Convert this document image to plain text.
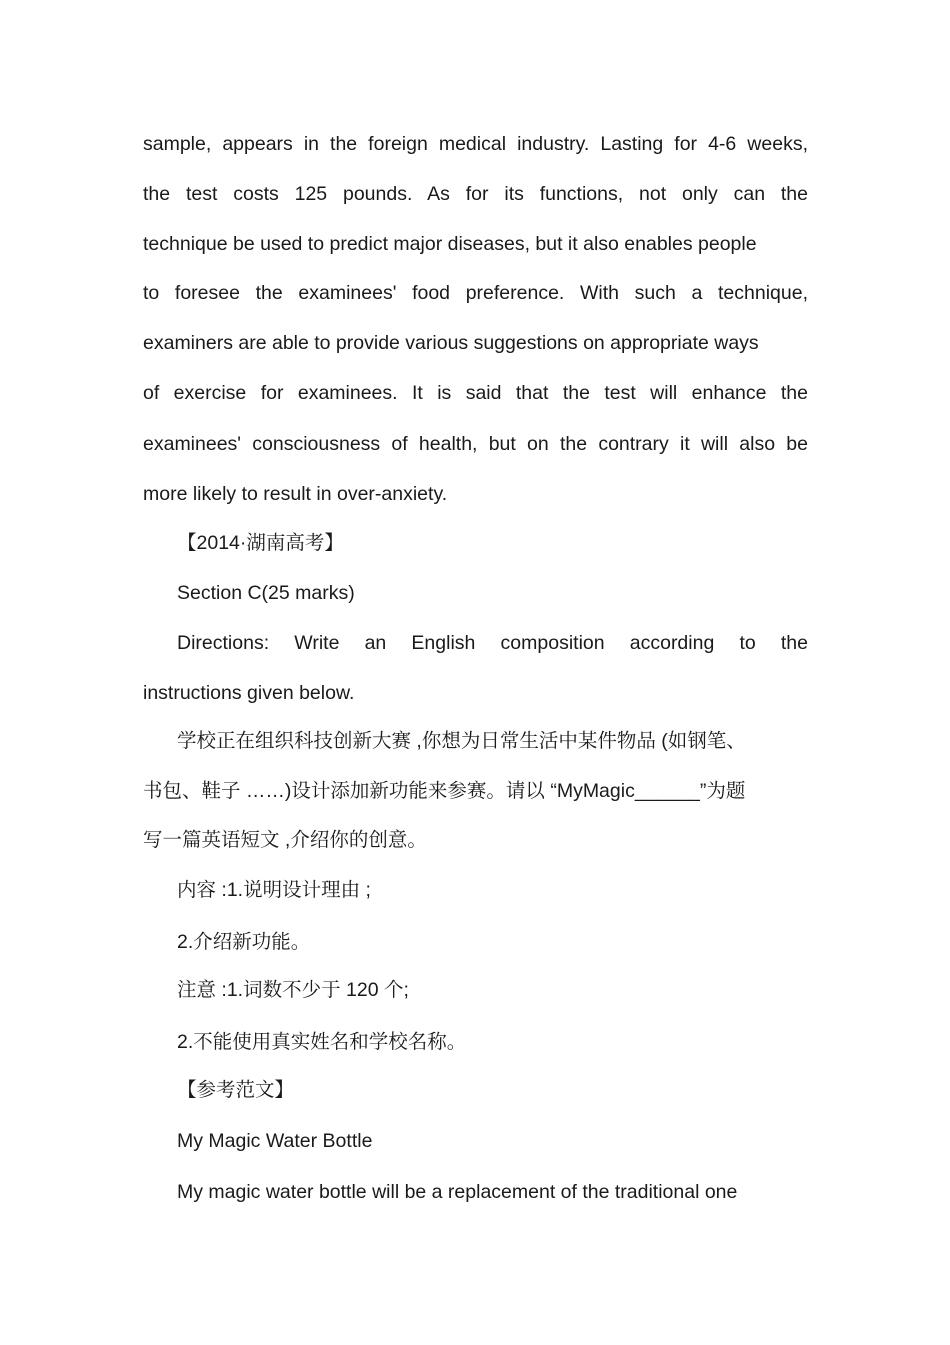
sample, appears in the foreign medical industry. Lasting for 4-6 weeks,
the test costs 125 pounds. As for its functions, not only can the
technique be used to predict major diseases, but it also enables people
to foresee the examinees' food preference. With such a technique,
examiners are able to provide various suggestions on appropriate ways
of exercise for examinees. It is said that the test will enhance the
examinees' consciousness of health, but on the contrary it will also be
more likely to result in over-anxiety.
【2014·湖南高考】
Section C(25 marks)
Directions: Write an English composition according to the
instructions given below.
学校正在组织科技创新大赛 ,你想为日常生活中某件物品 (如钢笔、
书包、鞋子 ……)设计添加新功能来参赛。请以 “MyMagic______”为题
写一篇英语短文 ,介绍你的创意。
内容 :1.说明设计理由 ;
2.介绍新功能。
注意 :1.词数不少于 120 个;
2.不能使用真实姓名和学校名称。
【参考范文】
My Magic Water Bottle
My magic water bottle will be a replacement of the traditional one
